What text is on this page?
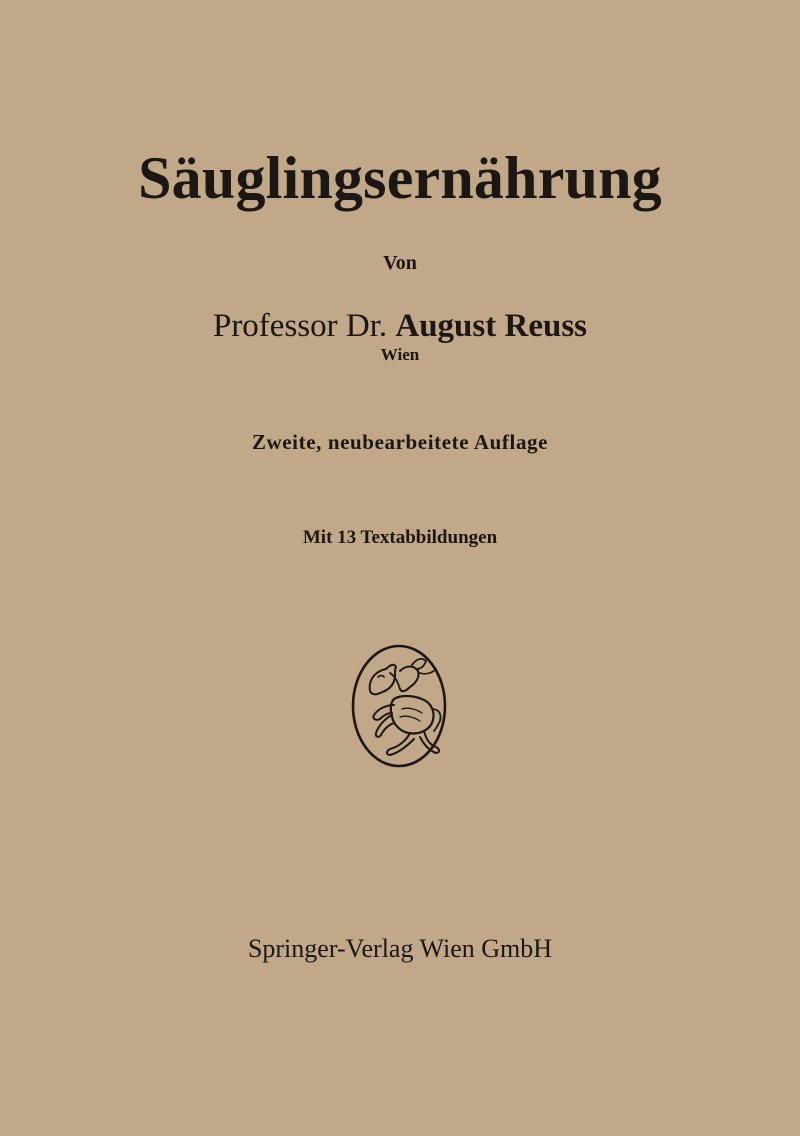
Säuglingsernährung
Von
Professor Dr. August Reuss
Wien
Zweite, neubearbeitete Auflage
Mit 13 Textabbildungen
Springer-Verlag Wien GmbH
